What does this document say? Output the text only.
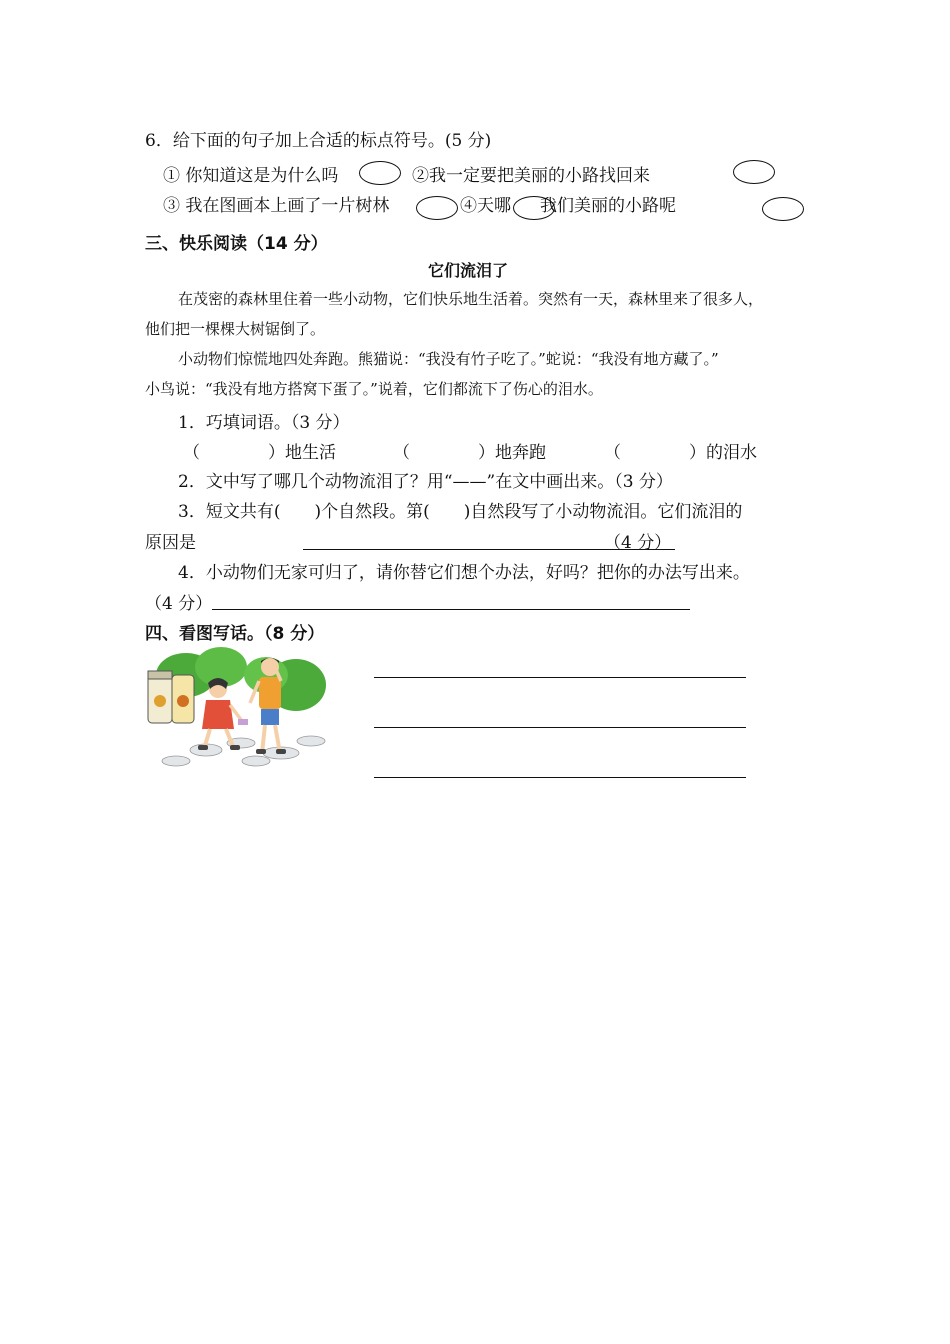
6．给下面的句子加上合适的标点符号。(5 分)
① 你知道这是为什么吗	②我一定要把美丽的小路找回来
③ 我在图画本上画了一片树林	④天哪 我们美丽的小路呢
三、快乐阅读（14 分）
它们流泪了
在茂密的森林里住着一些小动物，它们快乐地生活着。突然有一天，森林里来了很多人，
他们把一棵棵大树锯倒了。
小动物们惊慌地四处奔跑。熊猫说：“我没有竹子吃了。”蛇说：“我没有地方藏了。”
小鸟说：“我没有地方搭窝下蛋了。”说着，它们都流下了伤心的泪水。
1．巧填词语。（3 分）
（　　　　）地生活	（　　　　）地奔跑	（　　　　）的泪水
2．文中写了哪几个动物流泪了？用“——”在文中画出来。（3 分）
3．短文共有(　　)个自然段。第(　　)自然段写了小动物流泪。它们流泪的
原因是	（4 分）
4．小动物们无家可归了，请你替它们想个办法，好吗？把你的办法写出来。
（4 分）
四、看图写话。（8 分）
